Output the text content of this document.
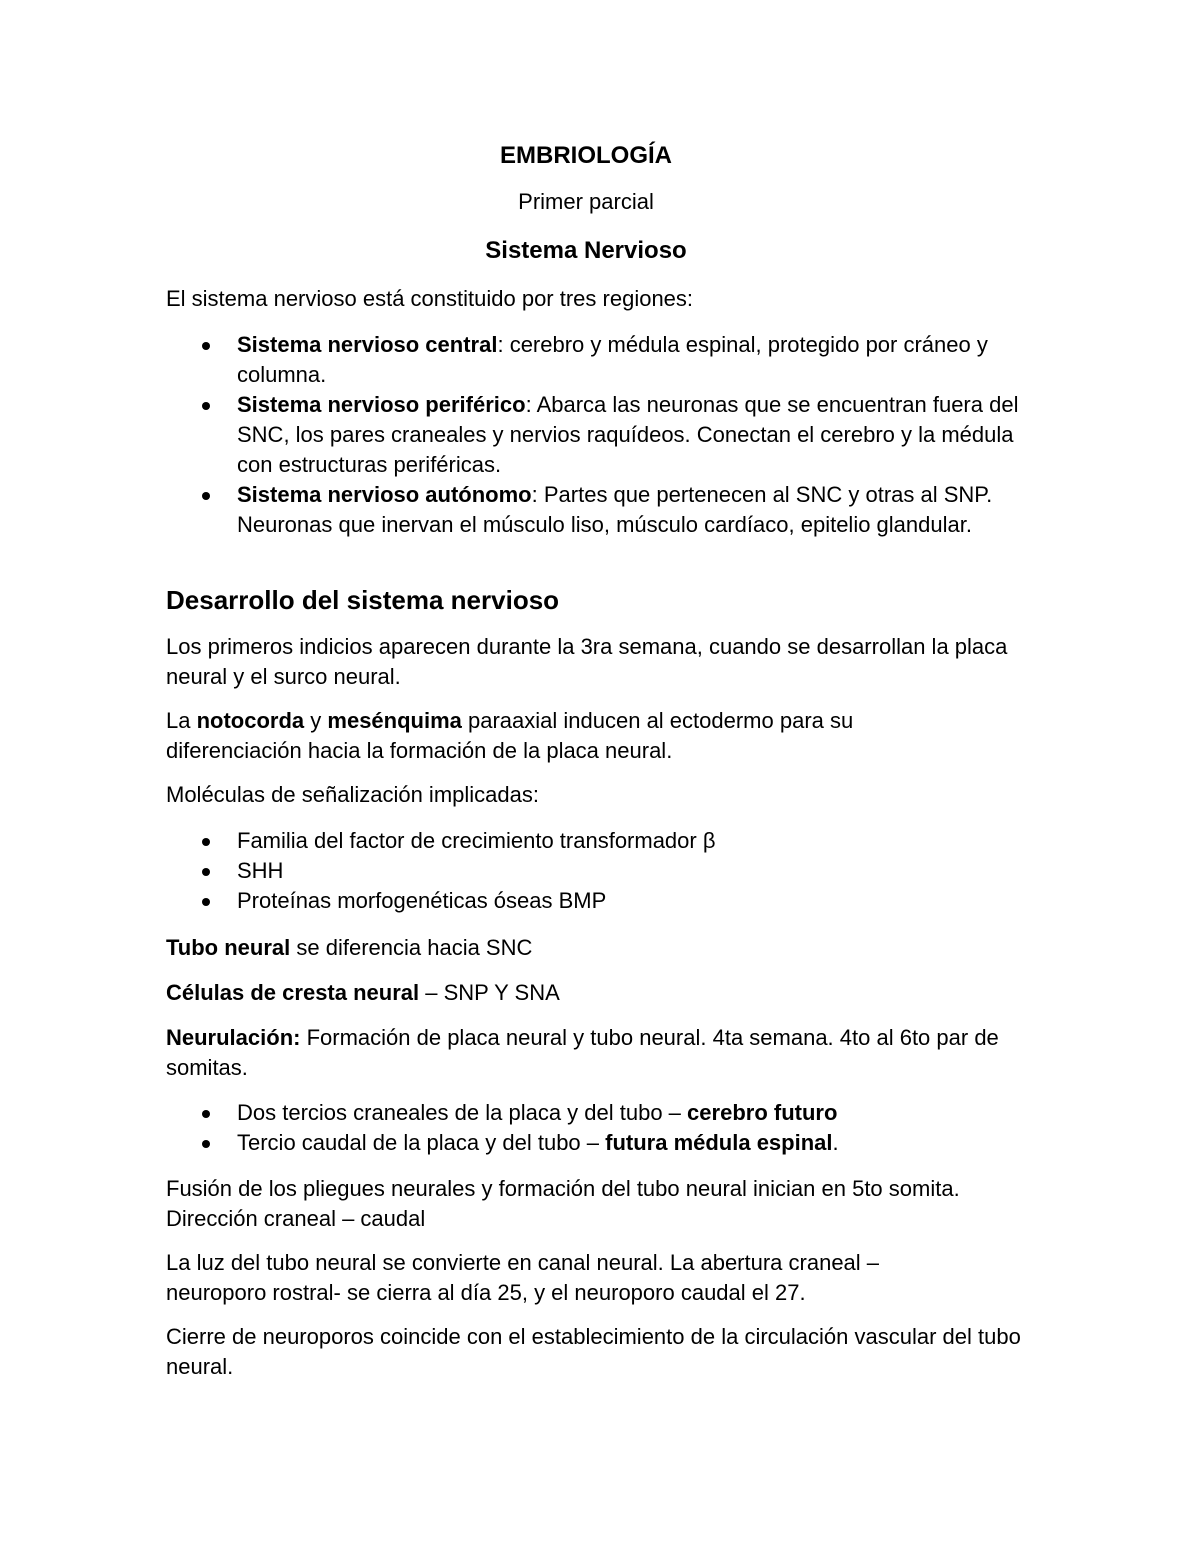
EMBRIOLOGÍA

Primer parcial

Sistema Nervioso

El sistema nervioso está constituido por tres regiones:

Sistema nervioso central: cerebro y médula espinal, protegido por cráneo y columna.
Sistema nervioso periférico: Abarca las neuronas que se encuentran fuera del SNC, los pares craneales y nervios raquídeos. Conectan el cerebro y la médula con estructuras periféricas.
Sistema nervioso autónomo: Partes que pertenecen al SNC y otras al SNP. Neuronas que inervan el músculo liso, músculo cardíaco, epitelio glandular.
Desarrollo del sistema nervioso

Los primeros indicios aparecen durante la 3ra semana, cuando se desarrollan la placa neural y el surco neural.

La notocorda y mesénquima paraaxial inducen al ectodermo para su diferenciación hacia la formación de la placa neural.

Moléculas de señalización implicadas:

Familia del factor de crecimiento transformador β
SHH
Proteínas morfogenéticas óseas BMP

Tubo neural se diferencia hacia SNC

Células de cresta neural – SNP Y SNA

Neurulación: Formación de placa neural y tubo neural. 4ta semana. 4to al 6to par de somitas.

Dos tercios craneales de la placa y del tubo – cerebro futuro
Tercio caudal de la placa y del tubo – futura médula espinal.

Fusión de los pliegues neurales y formación del tubo neural inician en 5to somita. Dirección craneal – caudal

La luz del tubo neural se convierte en canal neural. La abertura craneal – neuroporo rostral- se cierra al día 25, y el neuroporo caudal el 27.

Cierre de neuroporos coincide con el establecimiento de la circulación vascular del tubo neural.
